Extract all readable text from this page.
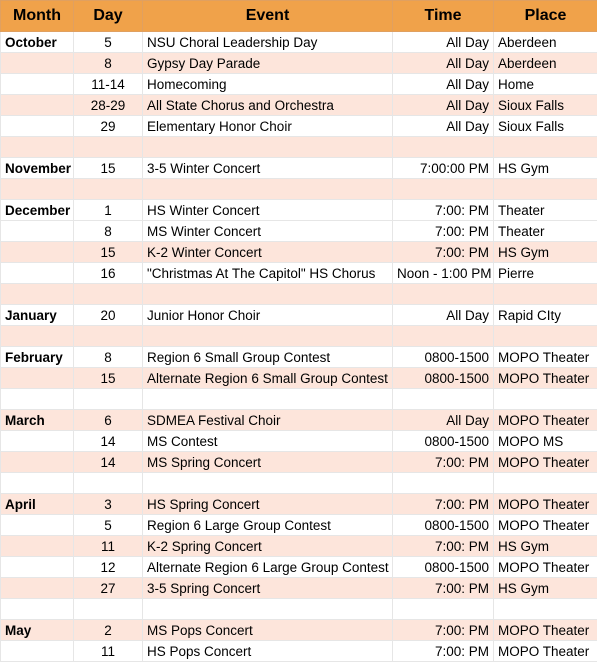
Month	Day	Event	Time	Place
October	5	NSU Choral Leadership Day	All Day	Aberdeen
	8	Gypsy Day Parade	All Day	Aberdeen
	11-14	Homecoming	All Day	Home
	28-29	All State Chorus and Orchestra	All Day	Sioux Falls
	29	Elementary Honor Choir	All Day	Sioux Falls

November	15	3-5 Winter Concert	7:00:00 PM	HS Gym

December	1	HS Winter Concert	7:00: PM	Theater
	8	MS Winter Concert	7:00: PM	Theater
	15	K-2 Winter Concert	7:00: PM	HS Gym
	16	"Christmas At The Capitol" HS Chorus	Noon - 1:00 PM	Pierre

January	20	Junior Honor Choir	All Day	Rapid CIty

February	8	Region 6 Small Group Contest	0800-1500	MOPO Theater
	15	Alternate Region 6 Small Group Contest	0800-1500	MOPO Theater

March	6	SDMEA Festival Choir	All Day	MOPO Theater
	14	MS Contest	0800-1500	MOPO MS
	14	MS Spring Concert	7:00: PM	MOPO Theater

April	3	HS Spring Concert	7:00: PM	MOPO Theater
	5	Region 6 Large Group Contest	0800-1500	MOPO Theater
	11	K-2 Spring Concert	7:00: PM	HS Gym
	12	Alternate Region 6 Large Group Contest	0800-1500	MOPO Theater
	27	3-5 Spring Concert	7:00: PM	HS Gym

May	2	MS Pops Concert	7:00: PM	MOPO Theater
	11	HS Pops Concert	7:00: PM	MOPO Theater
